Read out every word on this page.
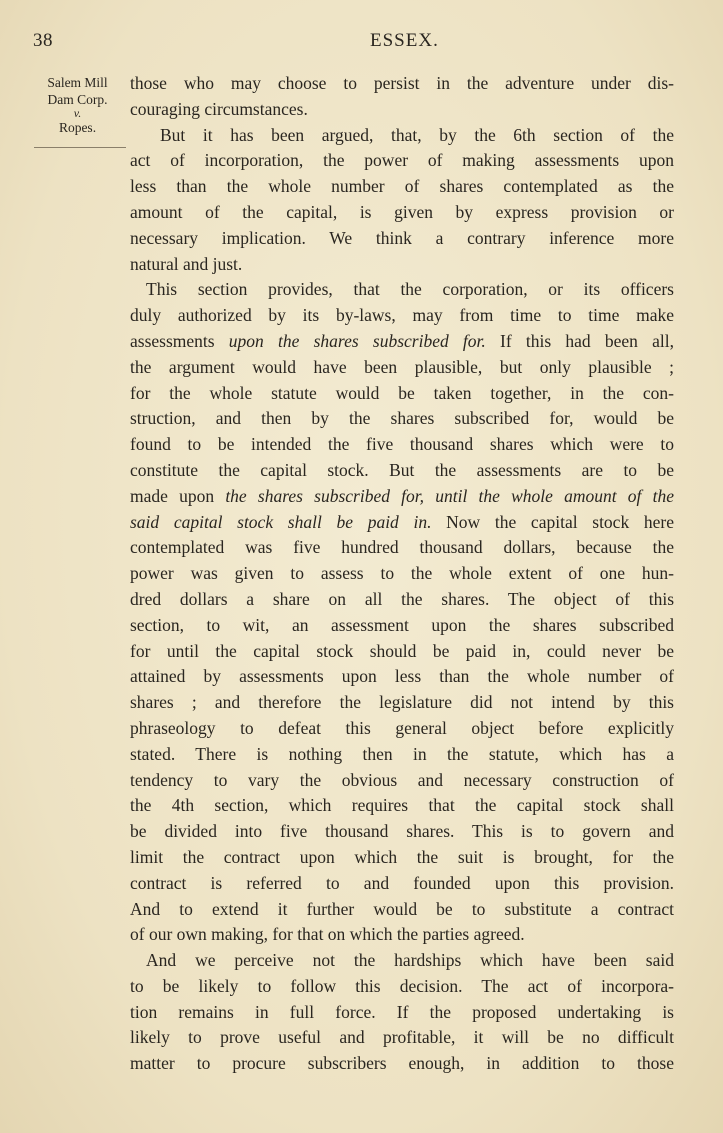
38	ESSEX.
Salem Mill
Dam Corp.
v.
Ropes.
those who may choose to persist in the adventure under dis-
couraging circumstances.
But it has been argued, that, by the 6th section of the
act of incorporation, the power of making assessments upon
less than the whole number of shares contemplated as the
amount of the capital, is given by express provision or
necessary implication. We think a contrary inference more
natural and just.
This section provides, that the corporation, or its officers
duly authorized by its by-laws, may from time to time make
assessments upon the shares subscribed for. If this had been all,
the argument would have been plausible, but only plausible ;
for the whole statute would be taken together, in the con-
struction, and then by the shares subscribed for, would be
found to be intended the five thousand shares which were to
constitute the capital stock. But the assessments are to be
made upon the shares subscribed for, until the whole amount of the
said capital stock shall be paid in. Now the capital stock here
contemplated was five hundred thousand dollars, because the
power was given to assess to the whole extent of one hun-
dred dollars a share on all the shares. The object of this
section, to wit, an assessment upon the shares subscribed
for until the capital stock should be paid in, could never be
attained by assessments upon less than the whole number of
shares ; and therefore the legislature did not intend by this
phraseology to defeat this general object before explicitly
stated. There is nothing then in the statute, which has a
tendency to vary the obvious and necessary construction of
the 4th section, which requires that the capital stock shall
be divided into five thousand shares. This is to govern and
limit the contract upon which the suit is brought, for the
contract is referred to and founded upon this provision.
And to extend it further would be to substitute a contract
of our own making, for that on which the parties agreed.
And we perceive not the hardships which have been said
to be likely to follow this decision. The act of incorpora-
tion remains in full force. If the proposed undertaking is
likely to prove useful and profitable, it will be no difficult
matter to procure subscribers enough, in addition to those
